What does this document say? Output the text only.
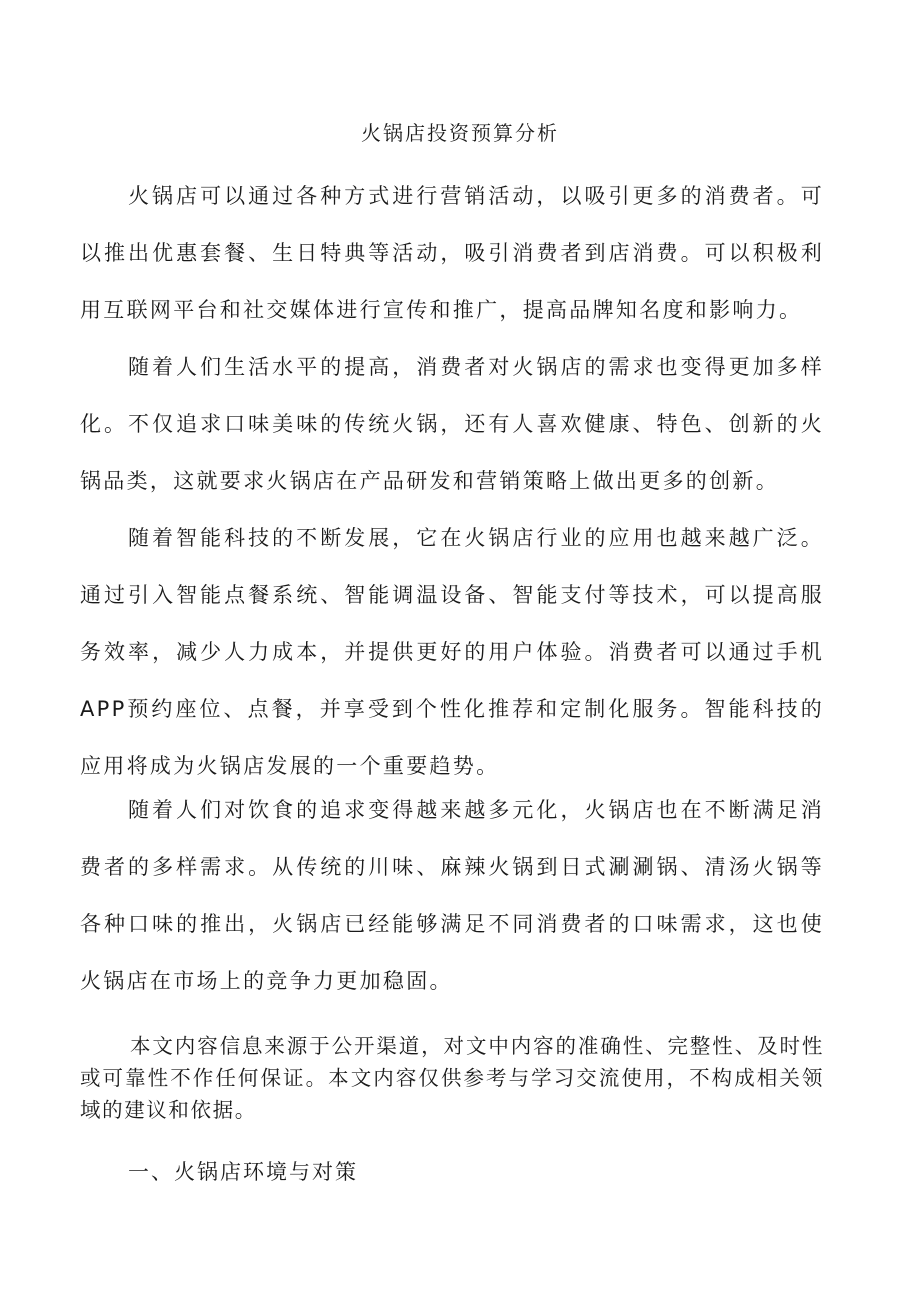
火锅店投资预算分析

火锅店可以通过各种方式进行营销活动，以吸引更多的消费者。可以推出优惠套餐、生日特典等活动，吸引消费者到店消费。可以积极利用互联网平台和社交媒体进行宣传和推广，提高品牌知名度和影响力。

随着人们生活水平的提高，消费者对火锅店的需求也变得更加多样化。不仅追求口味美味的传统火锅，还有人喜欢健康、特色、创新的火锅品类，这就要求火锅店在产品研发和营销策略上做出更多的创新。

随着智能科技的不断发展，它在火锅店行业的应用也越来越广泛。通过引入智能点餐系统、智能调温设备、智能支付等技术，可以提高服务效率，减少人力成本，并提供更好的用户体验。消费者可以通过手机APP预约座位、点餐，并享受到个性化推荐和定制化服务。智能科技的应用将成为火锅店发展的一个重要趋势。

随着人们对饮食的追求变得越来越多元化，火锅店也在不断满足消费者的多样需求。从传统的川味、麻辣火锅到日式涮涮锅、清汤火锅等各种口味的推出，火锅店已经能够满足不同消费者的口味需求，这也使火锅店在市场上的竞争力更加稳固。

本文内容信息来源于公开渠道，对文中内容的准确性、完整性、及时性或可靠性不作任何保证。本文内容仅供参考与学习交流使用，不构成相关领域的建议和依据。

一、火锅店环境与对策
